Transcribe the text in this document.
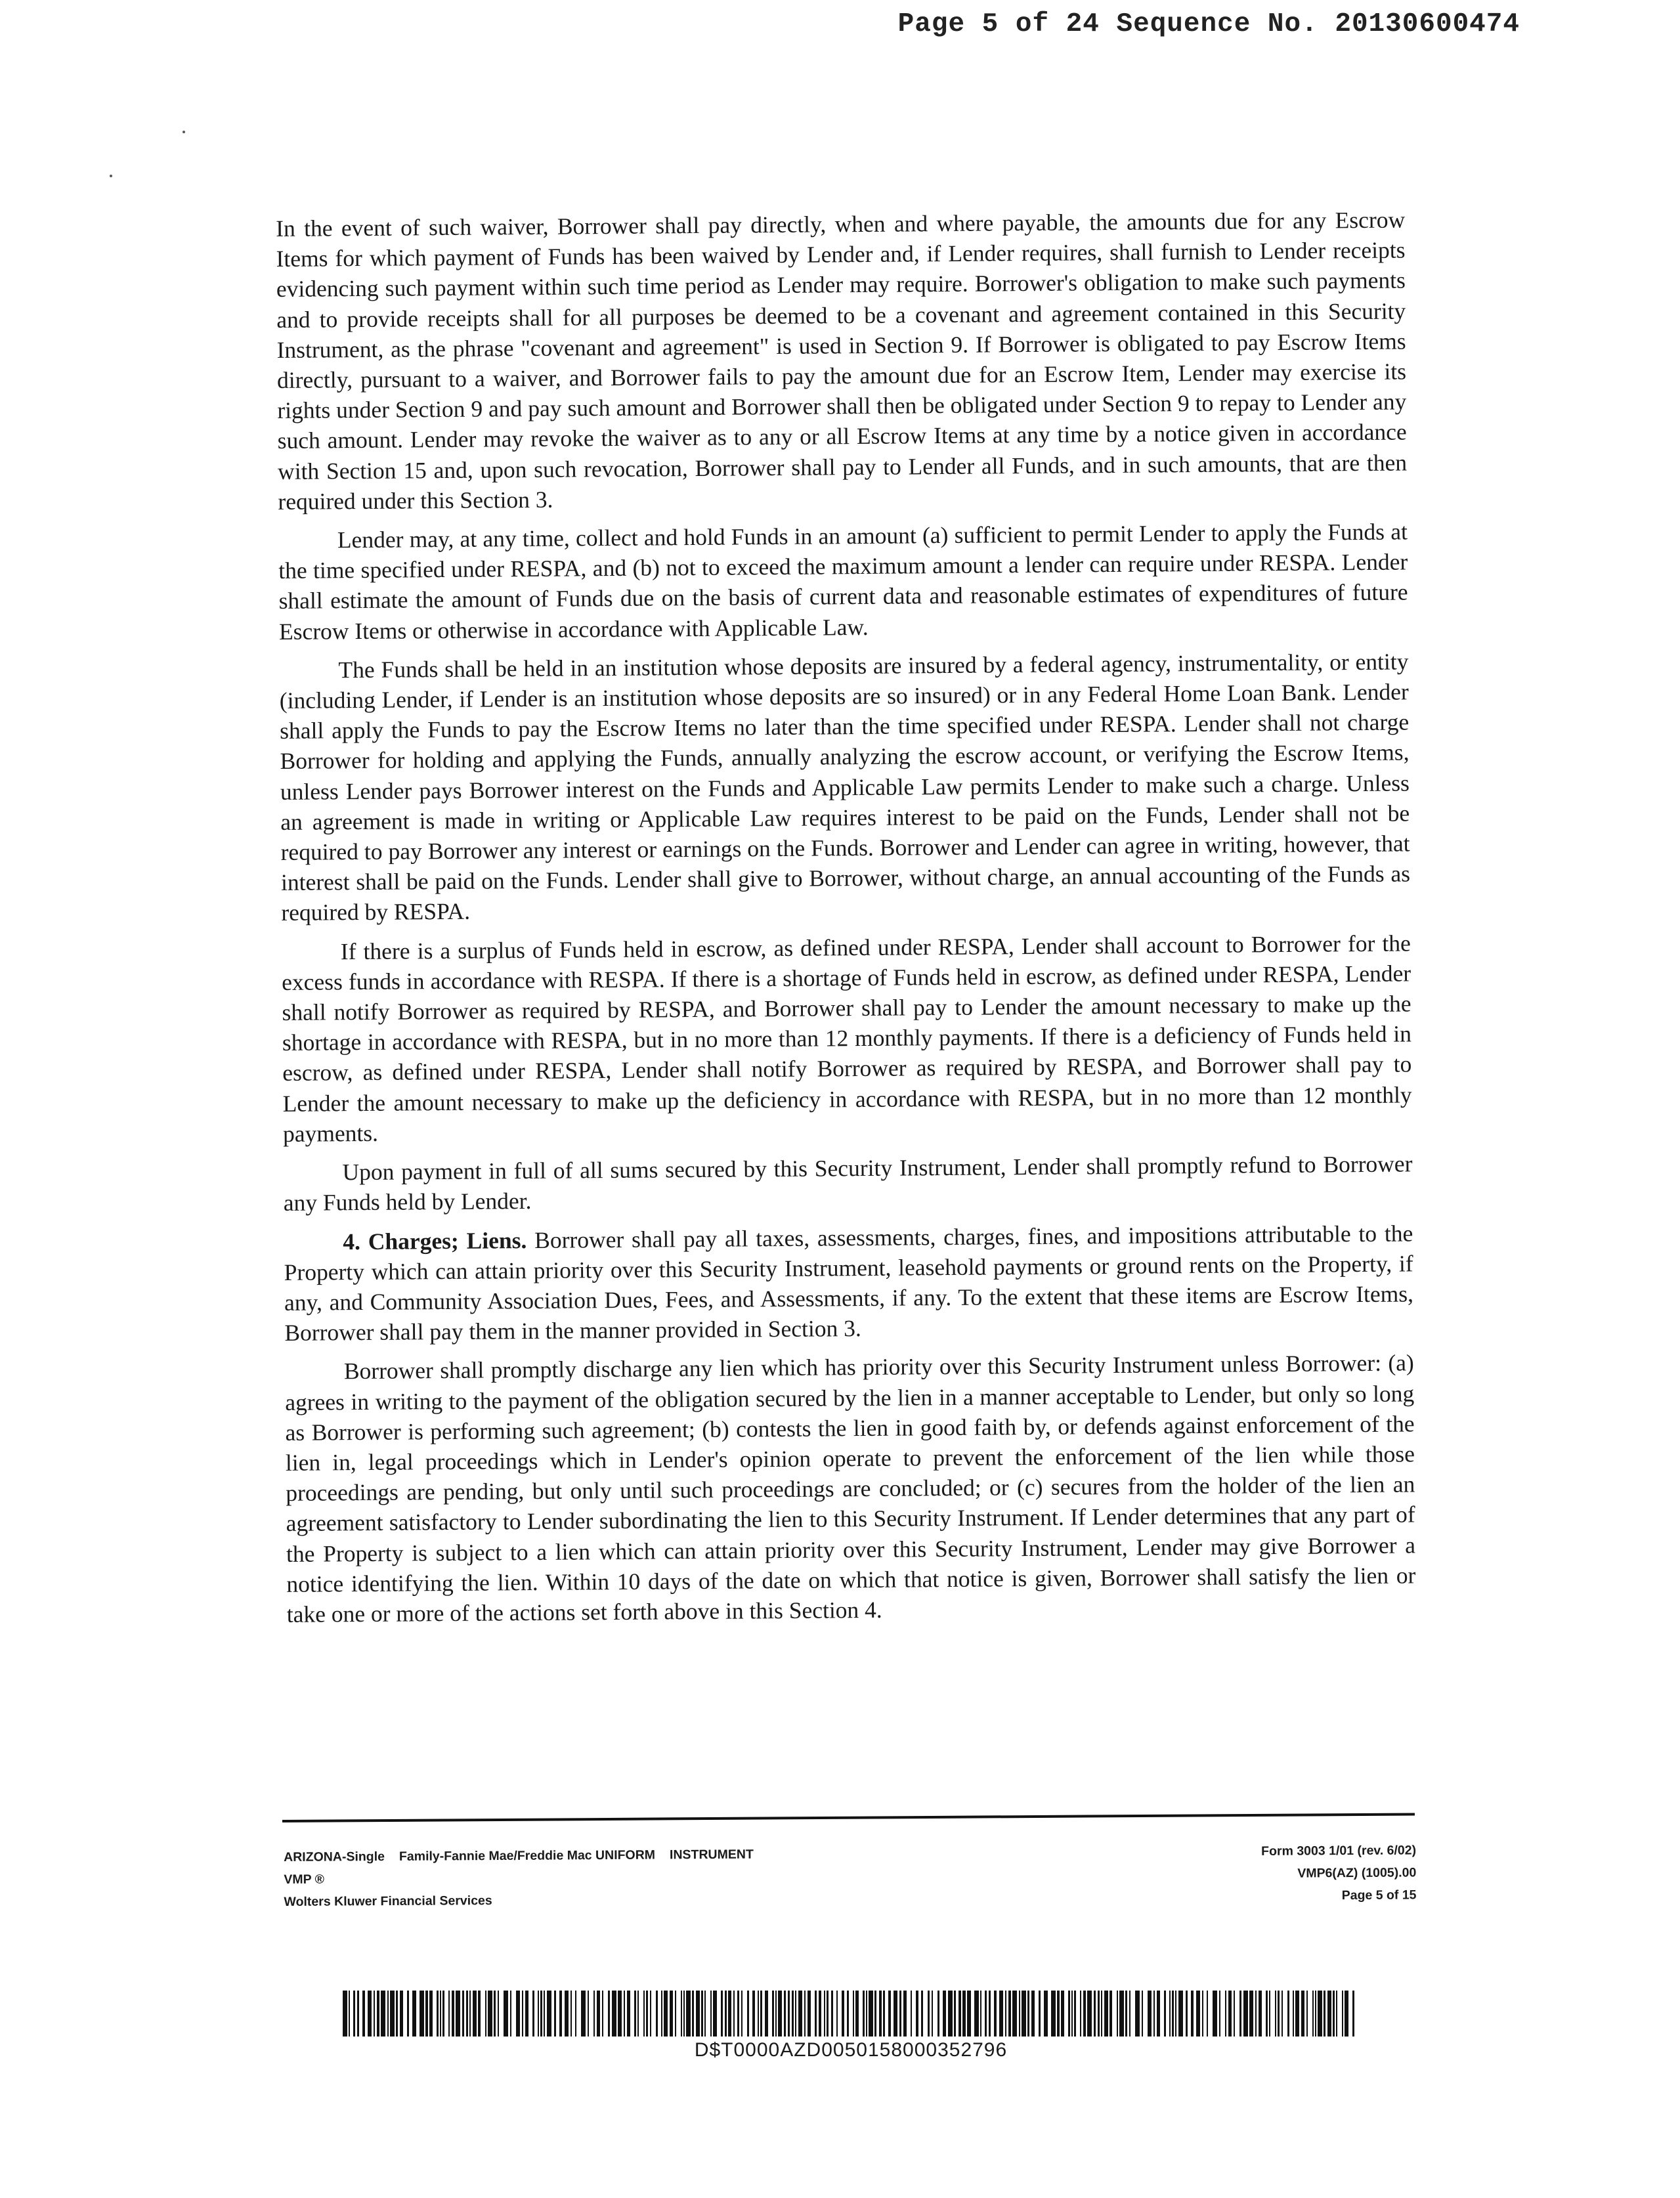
Page 5 of 24 Sequence No. 20130600474

In the event of such waiver, Borrower shall pay directly, when and where payable, the amounts due for any Escrow Items for which payment of Funds has been waived by Lender and, if Lender requires, shall furnish to Lender receipts evidencing such payment within such time period as Lender may require. Borrower's obligation to make such payments and to provide receipts shall for all purposes be deemed to be a covenant and agreement contained in this Security Instrument, as the phrase "covenant and agreement" is used in Section 9. If Borrower is obligated to pay Escrow Items directly, pursuant to a waiver, and Borrower fails to pay the amount due for an Escrow Item, Lender may exercise its rights under Section 9 and pay such amount and Borrower shall then be obligated under Section 9 to repay to Lender any such amount. Lender may revoke the waiver as to any or all Escrow Items at any time by a notice given in accordance with Section 15 and, upon such revocation, Borrower shall pay to Lender all Funds, and in such amounts, that are then required under this Section 3.

Lender may, at any time, collect and hold Funds in an amount (a) sufficient to permit Lender to apply the Funds at the time specified under RESPA, and (b) not to exceed the maximum amount a lender can require under RESPA. Lender shall estimate the amount of Funds due on the basis of current data and reasonable estimates of expenditures of future Escrow Items or otherwise in accordance with Applicable Law.

The Funds shall be held in an institution whose deposits are insured by a federal agency, instrumentality, or entity (including Lender, if Lender is an institution whose deposits are so insured) or in any Federal Home Loan Bank. Lender shall apply the Funds to pay the Escrow Items no later than the time specified under RESPA. Lender shall not charge Borrower for holding and applying the Funds, annually analyzing the escrow account, or verifying the Escrow Items, unless Lender pays Borrower interest on the Funds and Applicable Law permits Lender to make such a charge. Unless an agreement is made in writing or Applicable Law requires interest to be paid on the Funds, Lender shall not be required to pay Borrower any interest or earnings on the Funds. Borrower and Lender can agree in writing, however, that interest shall be paid on the Funds. Lender shall give to Borrower, without charge, an annual accounting of the Funds as required by RESPA.

If there is a surplus of Funds held in escrow, as defined under RESPA, Lender shall account to Borrower for the excess funds in accordance with RESPA. If there is a shortage of Funds held in escrow, as defined under RESPA, Lender shall notify Borrower as required by RESPA, and Borrower shall pay to Lender the amount necessary to make up the shortage in accordance with RESPA, but in no more than 12 monthly payments. If there is a deficiency of Funds held in escrow, as defined under RESPA, Lender shall notify Borrower as required by RESPA, and Borrower shall pay to Lender the amount necessary to make up the deficiency in accordance with RESPA, but in no more than 12 monthly payments.

Upon payment in full of all sums secured by this Security Instrument, Lender shall promptly refund to Borrower any Funds held by Lender.

4. Charges; Liens. Borrower shall pay all taxes, assessments, charges, fines, and impositions attributable to the Property which can attain priority over this Security Instrument, leasehold payments or ground rents on the Property, if any, and Community Association Dues, Fees, and Assessments, if any. To the extent that these items are Escrow Items, Borrower shall pay them in the manner provided in Section 3.

Borrower shall promptly discharge any lien which has priority over this Security Instrument unless Borrower: (a) agrees in writing to the payment of the obligation secured by the lien in a manner acceptable to Lender, but only so long as Borrower is performing such agreement; (b) contests the lien in good faith by, or defends against enforcement of the lien in, legal proceedings which in Lender's opinion operate to prevent the enforcement of the lien while those proceedings are pending, but only until such proceedings are concluded; or (c) secures from the holder of the lien an agreement satisfactory to Lender subordinating the lien to this Security Instrument. If Lender determines that any part of the Property is subject to a lien which can attain priority over this Security Instrument, Lender may give Borrower a notice identifying the lien. Within 10 days of the date on which that notice is given, Borrower shall satisfy the lien or take one or more of the actions set forth above in this Section 4.

ARIZONA-Single Family-Fannie Mae/Freddie Mac UNIFORM INSTRUMENT
VMP ®
Wolters Kluwer Financial Services
Form 3003 1/01 (rev. 6/02)
VMP6(AZ) (1005).00
Page 5 of 15
D$T0000AZD0050158000352796
